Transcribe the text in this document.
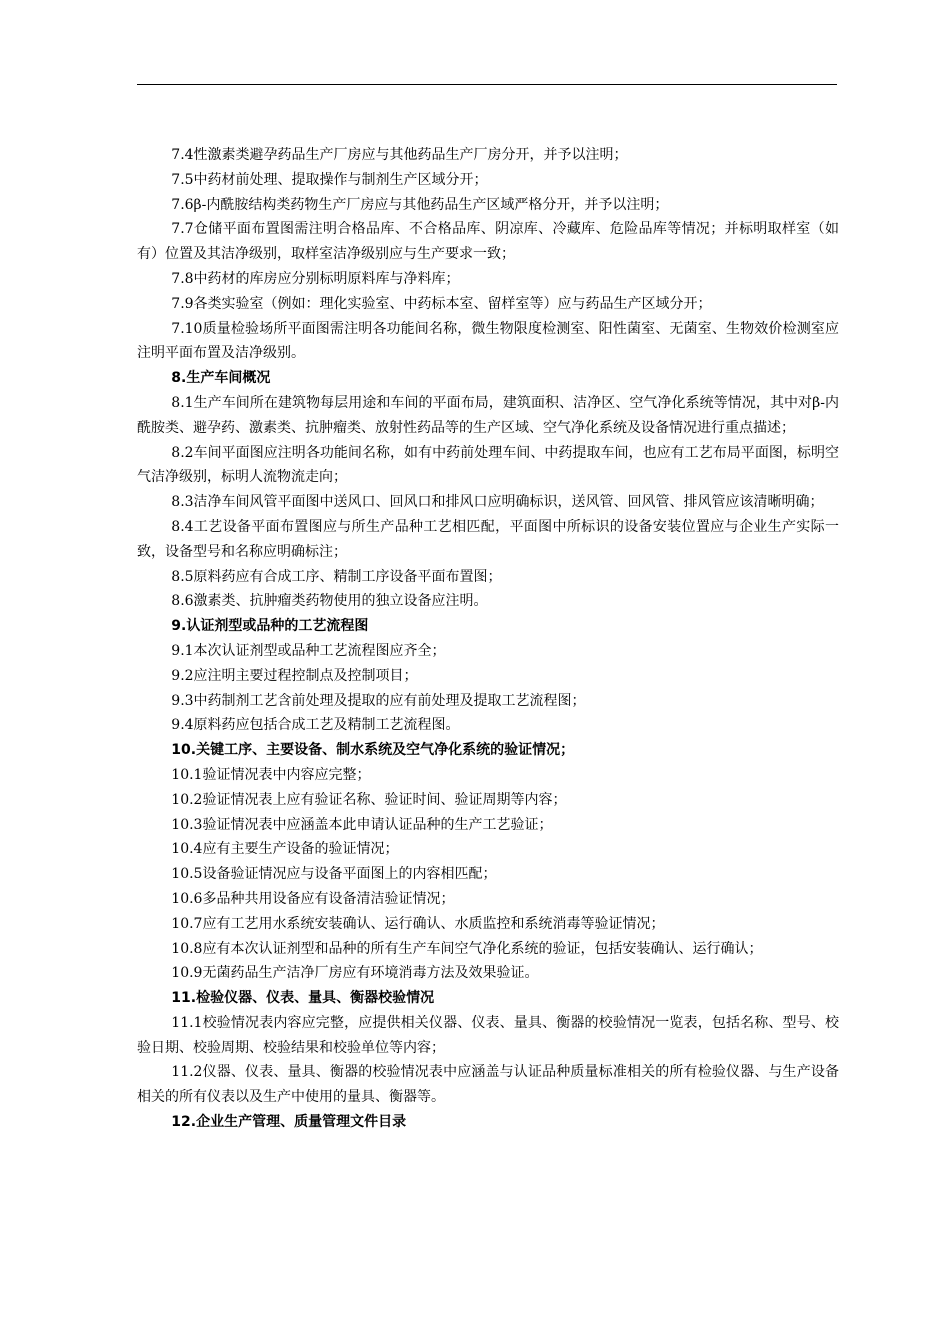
7.4性激素类避孕药品生产厂房应与其他药品生产厂房分开，并予以注明；

7.5中药材前处理、提取操作与制剂生产区域分开；

7.6β-内酰胺结构类药物生产厂房应与其他药品生产区域严格分开，并予以注明；

7.7仓储平面布置图需注明合格品库、不合格品库、阴凉库、冷藏库、危险品库等情况；并标明取样室（如有）位置及其洁净级别，取样室洁净级别应与生产要求一致；

7.8中药材的库房应分别标明原料库与净料库；

7.9各类实验室（例如：理化实验室、中药标本室、留样室等）应与药品生产区域分开；

7.10质量检验场所平面图需注明各功能间名称，微生物限度检测室、阳性菌室、无菌室、生物效价检测室应注明平面布置及洁净级别。

8.生产车间概况

8.1生产车间所在建筑物每层用途和车间的平面布局，建筑面积、洁净区、空气净化系统等情况，其中对β-内酰胺类、避孕药、激素类、抗肿瘤类、放射性药品等的生产区域、空气净化系统及设备情况进行重点描述；

8.2车间平面图应注明各功能间名称，如有中药前处理车间、中药提取车间，也应有工艺布局平面图，标明空气洁净级别，标明人流物流走向；

8.3洁净车间风管平面图中送风口、回风口和排风口应明确标识，送风管、回风管、排风管应该清晰明确；

8.4工艺设备平面布置图应与所生产品种工艺相匹配，平面图中所标识的设备安装位置应与企业生产实际一致，设备型号和名称应明确标注；

8.5原料药应有合成工序、精制工序设备平面布置图；

8.6激素类、抗肿瘤类药物使用的独立设备应注明。

9.认证剂型或品种的工艺流程图

9.1本次认证剂型或品种工艺流程图应齐全；

9.2应注明主要过程控制点及控制项目；

9.3中药制剂工艺含前处理及提取的应有前处理及提取工艺流程图；

9.4原料药应包括合成工艺及精制工艺流程图。

10.关键工序、主要设备、制水系统及空气净化系统的验证情况；

10.1验证情况表中内容应完整；

10.2验证情况表上应有验证名称、验证时间、验证周期等内容；

10.3验证情况表中应涵盖本此申请认证品种的生产工艺验证；

10.4应有主要生产设备的验证情况；

10.5设备验证情况应与设备平面图上的内容相匹配；

10.6多品种共用设备应有设备清洁验证情况；

10.7应有工艺用水系统安装确认、运行确认、水质监控和系统消毒等验证情况；

10.8应有本次认证剂型和品种的所有生产车间空气净化系统的验证，包括安装确认、运行确认；

10.9无菌药品生产洁净厂房应有环境消毒方法及效果验证。

11.检验仪器、仪表、量具、衡器校验情况

11.1校验情况表内容应完整，应提供相关仪器、仪表、量具、衡器的校验情况一览表，包括名称、型号、校验日期、校验周期、校验结果和校验单位等内容；

11.2仪器、仪表、量具、衡器的校验情况表中应涵盖与认证品种质量标准相关的所有检验仪器、与生产设备相关的所有仪表以及生产中使用的量具、衡器等。

12.企业生产管理、质量管理文件目录
